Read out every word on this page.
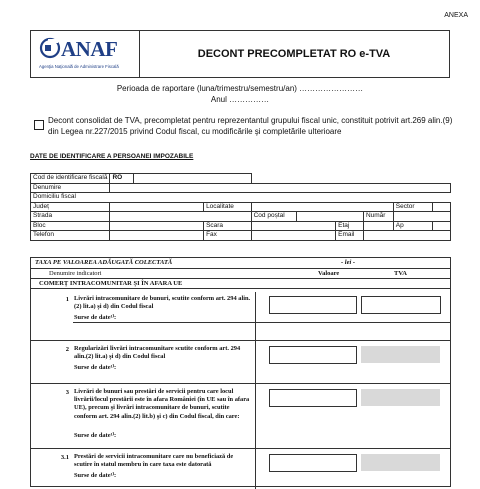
ANEXA
ANAF
Agenţia Naţională de Administrare Fiscală
DECONT PRECOMPLETAT RO e-TVA
Perioada de raportare (luna/trimestru/semestru/an) ……………………
Anul ……………
Decont consolidat de TVA, precompletat pentru reprezentantul grupului fiscal unic, constituit potrivit art.269 alin.(9) din Legea nr.227/2015 privind Codul fiscal, cu modificările şi completările ulterioare
DATE DE IDENTIFICARE A PERSOANEI IMPOZABILE
Cod de identificare fiscală	RO								
Denumire									
Domiciliu fiscal									
Județ			Localitate					Sector	
Strada				Cod poștal			Număr		
Bloc			Scara			Etaj		Ap	
Telefon			Fax			Email			
TAXA PE VALOAREA ADĂUGATĂ COLECTATĂ	- lei -
Denumire indicatori	Valoare	TVA
COMERȚ INTRACOMUNITAR ȘI ÎN AFARA UE
1 Livrări intracomunitare de bunuri, scutite conform art. 294 alin.(2) lit.a) şi d) din Codul fiscal
Surse de date¹⁾:
2 Regularizări livrări intracomunitare scutite conform art. 294 alin.(2) lit.a) şi d) din Codul fiscal
Surse de date¹⁾:
3 Livrări de bunuri sau prestări de servicii pentru care locul livrării/locul prestării este în afara României (în UE sau în afara UE), precum şi livrări intracomunitare de bunuri, scutite conform art. 294 alin.(2) lit.b) şi c) din Codul fiscal, din care:
Surse de date¹⁾:
3.1 Prestări de servicii intracomunitare care nu beneficiază de scutire în statul membru în care taxa este datorată
Surse de date¹⁾:
